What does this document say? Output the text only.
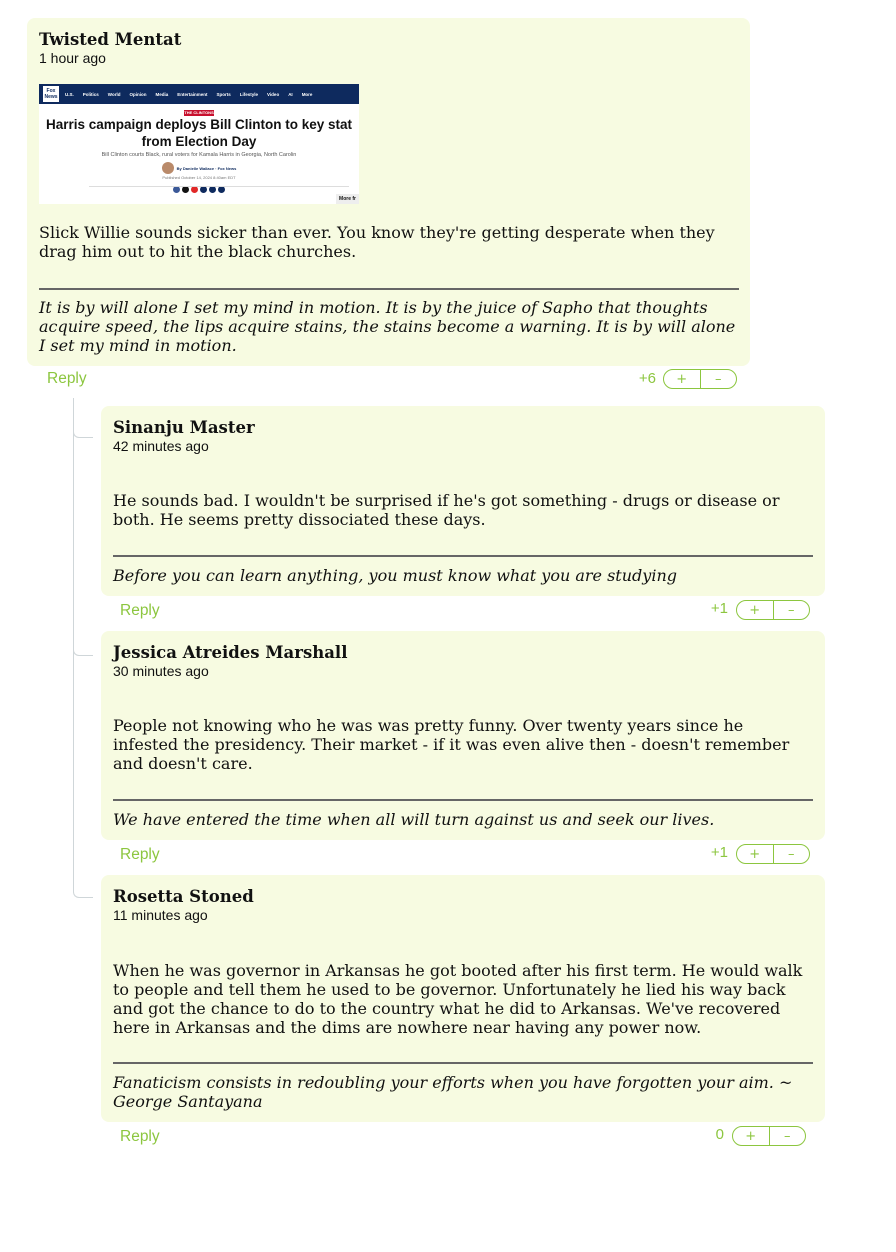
Twisted Mentat
1 hour ago
Fox News	U.S. Politics World Opinion Media Entertainment Sports Lifestyle Video AI More
THE CLINTONS
Harris campaign deploys Bill Clinton to key stat
from Election Day
Bill Clinton courts Black, rural voters for Kamala Harris in Georgia, North Carolin
By Danielle Wallace · Fox News
Published October 14, 2024 8:40am EDT
More fr
Slick Willie sounds sicker than ever. You know they're getting desperate when they drag him out to hit the black churches.
It is by will alone I set my mind in motion. It is by the juice of Sapho that thoughts acquire speed, the lips acquire stains, the stains become a warning. It is by will alone I set my mind in motion.
Reply	+6	+	–
Sinanju Master
42 minutes ago
He sounds bad. I wouldn't be surprised if he's got something - drugs or disease or both. He seems pretty dissociated these days.
Before you can learn anything, you must know what you are studying
Reply	+1	+	–
Jessica Atreides Marshall
30 minutes ago
People not knowing who he was was pretty funny. Over twenty years since he infested the presidency. Their market - if it was even alive then - doesn't remember and doesn't care.
We have entered the time when all will turn against us and seek our lives.
Reply	+1	+	–
Rosetta Stoned
11 minutes ago
When he was governor in Arkansas he got booted after his first term. He would walk to people and tell them he used to be governor. Unfortunately he lied his way back and got the chance to do to the country what he did to Arkansas. We've recovered here in Arkansas and the dims are nowhere near having any power now.
Fanaticism consists in redoubling your efforts when you have forgotten your aim. ~ George Santayana
Reply	0	+	–
